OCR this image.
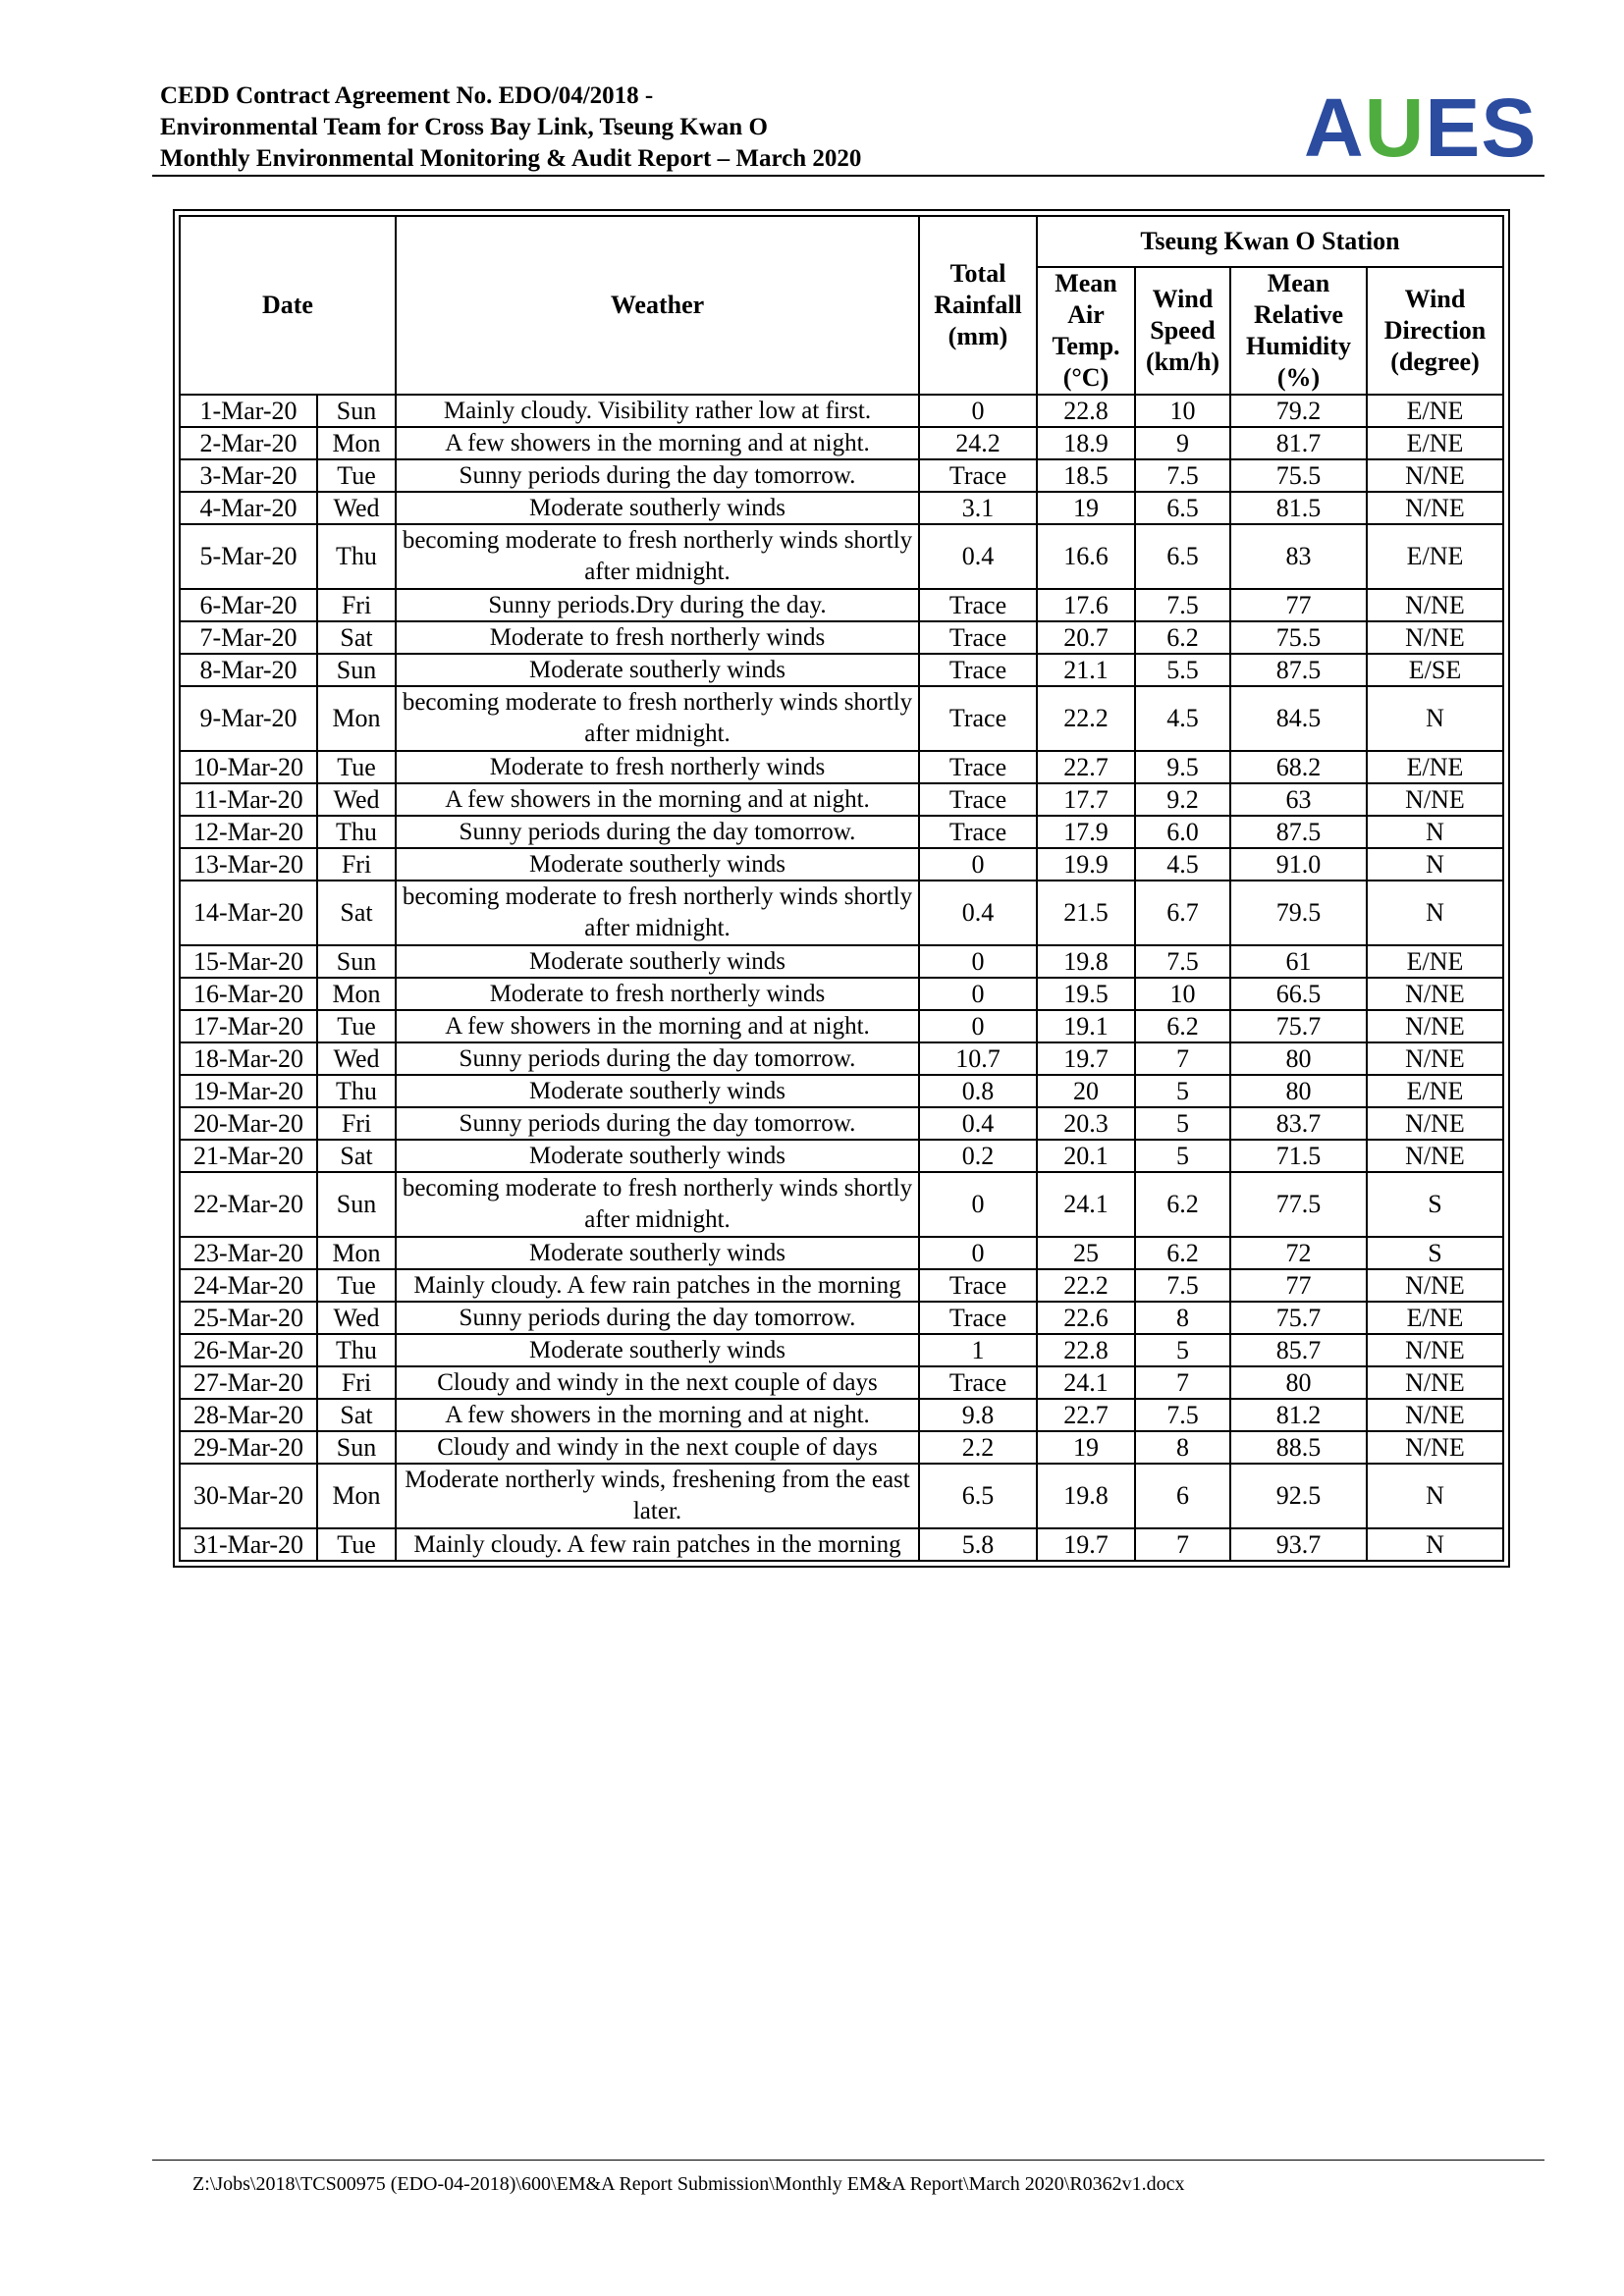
CEDD Contract Agreement No. EDO/04/2018 -
Environmental Team for Cross Bay Link, Tseung Kwan O
Monthly Environmental Monitoring & Audit Report – March 2020	AUES
Date		Weather	Total Rainfall (mm)	Tseung Kwan O Station			

				Mean Air Temp. (°C)	Wind Speed (km/h)	Mean Relative Humidity (%)	Wind Direction (degree)

1-Mar-20	Sun	Mainly cloudy. Visibility rather low at first.	0	22.8	10	79.2	E/NE
2-Mar-20	Mon	A few showers in the morning and at night.	24.2	18.9	9	81.7	E/NE
3-Mar-20	Tue	Sunny periods during the day tomorrow.	Trace	18.5	7.5	75.5	N/NE
4-Mar-20	Wed	Moderate southerly winds	3.1	19	6.5	81.5	N/NE
5-Mar-20	Thu	becoming moderate to fresh northerly winds shortly after midnight.	0.4	16.6	6.5	83	E/NE
6-Mar-20	Fri	Sunny periods.Dry during the day.	Trace	17.6	7.5	77	N/NE
7-Mar-20	Sat	Moderate to fresh northerly winds	Trace	20.7	6.2	75.5	N/NE
8-Mar-20	Sun	Moderate southerly winds	Trace	21.1	5.5	87.5	E/SE
9-Mar-20	Mon	becoming moderate to fresh northerly winds shortly after midnight.	Trace	22.2	4.5	84.5	N
10-Mar-20	Tue	Moderate to fresh northerly winds	Trace	22.7	9.5	68.2	E/NE
11-Mar-20	Wed	A few showers in the morning and at night.	Trace	17.7	9.2	63	N/NE
12-Mar-20	Thu	Sunny periods during the day tomorrow.	Trace	17.9	6.0	87.5	N
13-Mar-20	Fri	Moderate southerly winds	0	19.9	4.5	91.0	N
14-Mar-20	Sat	becoming moderate to fresh northerly winds shortly after midnight.	0.4	21.5	6.7	79.5	N
15-Mar-20	Sun	Moderate southerly winds	0	19.8	7.5	61	E/NE
16-Mar-20	Mon	Moderate to fresh northerly winds	0	19.5	10	66.5	N/NE
17-Mar-20	Tue	A few showers in the morning and at night.	0	19.1	6.2	75.7	N/NE
18-Mar-20	Wed	Sunny periods during the day tomorrow.	10.7	19.7	7	80	N/NE
19-Mar-20	Thu	Moderate southerly winds	0.8	20	5	80	E/NE
20-Mar-20	Fri	Sunny periods during the day tomorrow.	0.4	20.3	5	83.7	N/NE
21-Mar-20	Sat	Moderate southerly winds	0.2	20.1	5	71.5	N/NE
22-Mar-20	Sun	becoming moderate to fresh northerly winds shortly after midnight.	0	24.1	6.2	77.5	S
23-Mar-20	Mon	Moderate southerly winds	0	25	6.2	72	S
24-Mar-20	Tue	Mainly cloudy. A few rain patches in the morning	Trace	22.2	7.5	77	N/NE
25-Mar-20	Wed	Sunny periods during the day tomorrow.	Trace	22.6	8	75.7	E/NE
26-Mar-20	Thu	Moderate southerly winds	1	22.8	5	85.7	N/NE
27-Mar-20	Fri	Cloudy and windy in the next couple of days	Trace	24.1	7	80	N/NE
28-Mar-20	Sat	A few showers in the morning and at night.	9.8	22.7	7.5	81.2	N/NE
29-Mar-20	Sun	Cloudy and windy in the next couple of days	2.2	19	8	88.5	N/NE
30-Mar-20	Mon	Moderate northerly winds, freshening from the east later.	6.5	19.8	6	92.5	N
31-Mar-20	Tue	Mainly cloudy. A few rain patches in the morning	5.8	19.7	7	93.7	N
Z:\Jobs\2018\TCS00975 (EDO-04-2018)\600\EM&A Report Submission\Monthly EM&A Report\March 2020\R0362v1.docx
